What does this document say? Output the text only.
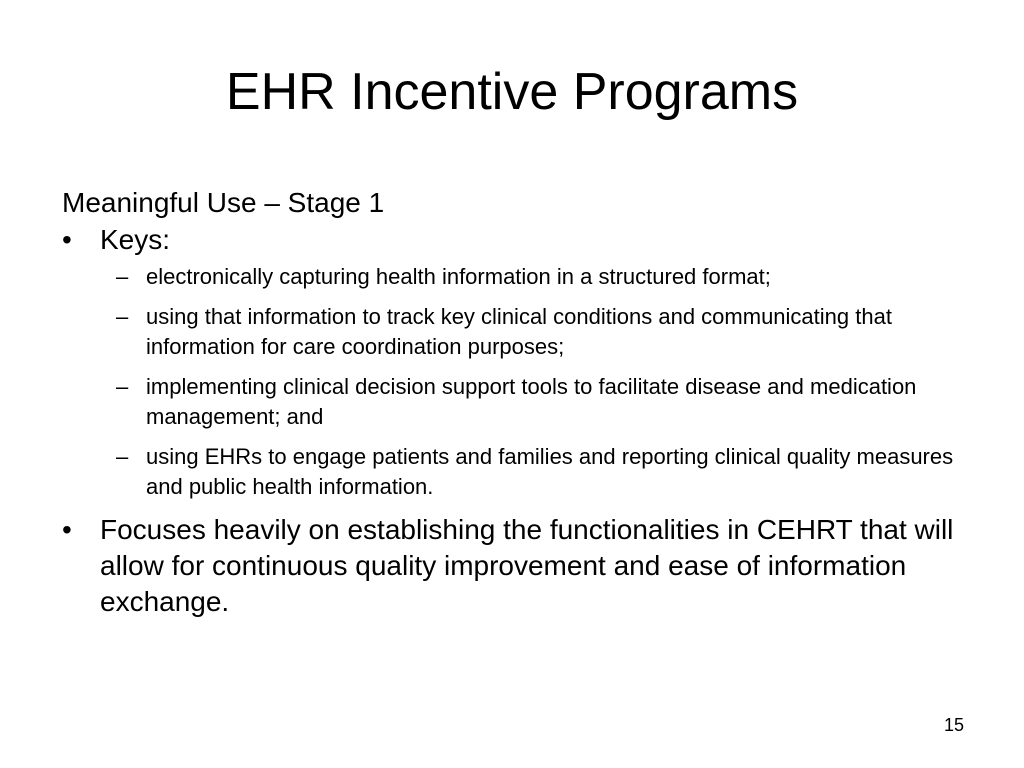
EHR Incentive Programs

Meaningful Use – Stage 1

• Keys:
– electronically capturing health information in a structured format;
– using that information to track key clinical conditions and communicating that information for care coordination purposes;
– implementing clinical decision support tools to facilitate disease and medication management; and
– using EHRs to engage patients and families and reporting clinical quality measures and public health information.
• Focuses heavily on establishing the functionalities in CEHRT that will allow for continuous quality improvement and ease of information exchange.
15
